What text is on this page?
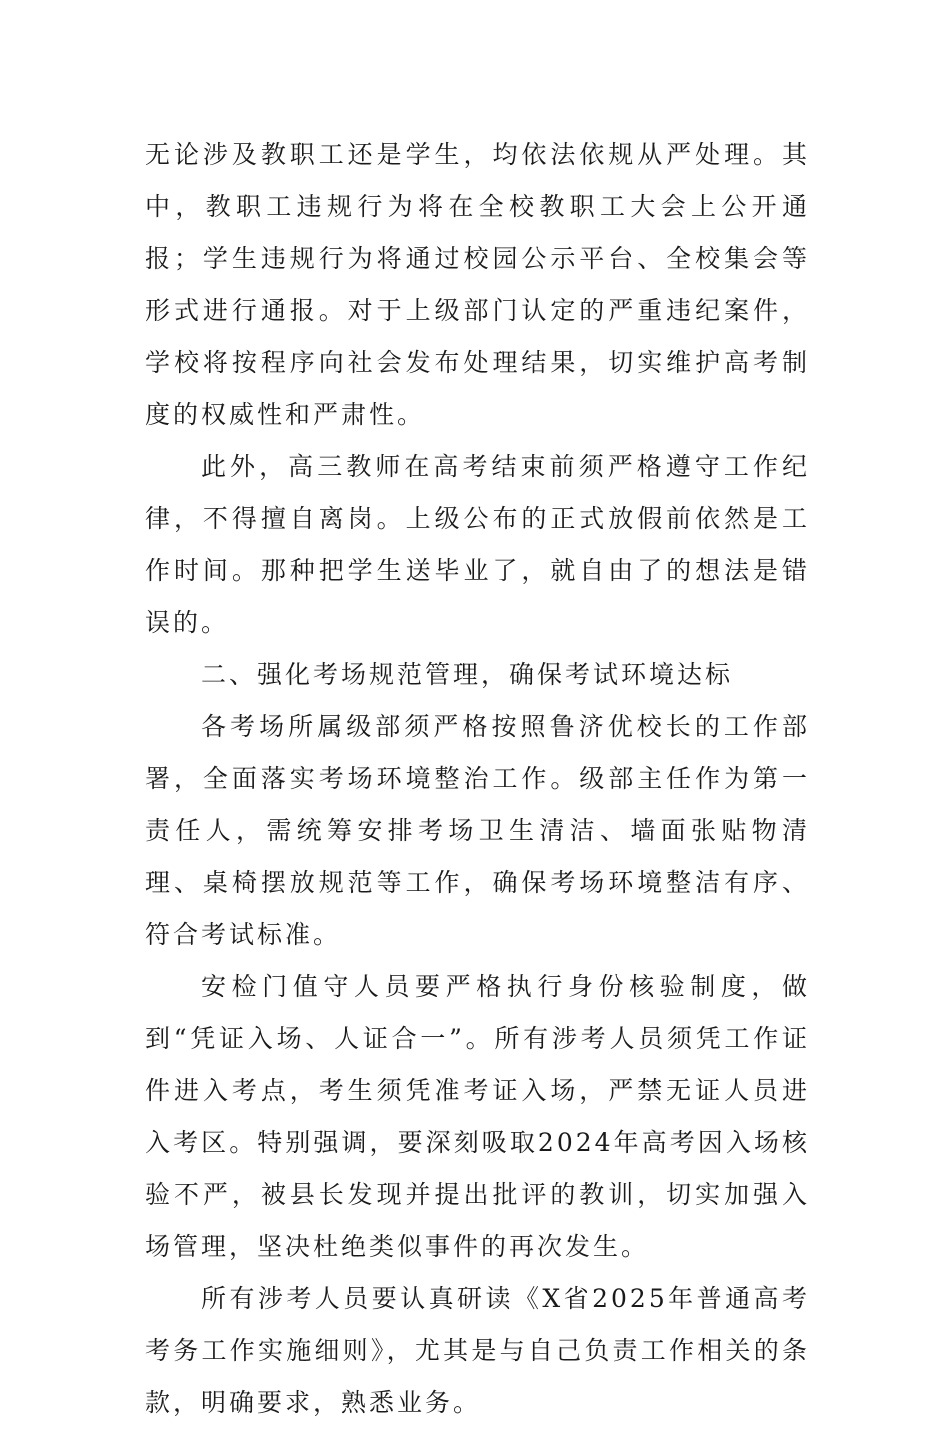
无论涉及教职工还是学生，均依法依规从严处理。其中，教职工违规行为将在全校教职工大会上公开通报；学生违规行为将通过校园公示平台、全校集会等形式进行通报。对于上级部门认定的严重违纪案件，学校将按程序向社会发布处理结果，切实维护高考制度的权威性和严肃性。

此外，高三教师在高考结束前须严格遵守工作纪律，不得擅自离岗。上级公布的正式放假前依然是工作时间。那种把学生送毕业了，就自由了的想法是错误的。

二、强化考场规范管理，确保考试环境达标

各考场所属级部须严格按照鲁济优校长的工作部署，全面落实考场环境整治工作。级部主任作为第一责任人，需统筹安排考场卫生清洁、墙面张贴物清理、桌椅摆放规范等工作，确保考场环境整洁有序、符合考试标准。

安检门值守人员要严格执行身份核验制度，做到“凭证入场、人证合一”。所有涉考人员须凭工作证件进入考点，考生须凭准考证入场，严禁无证人员进入考区。特别强调，要深刻吸取2024年高考因入场核验不严，被县长发现并提出批评的教训，切实加强入场管理，坚决杜绝类似事件的再次发生。

所有涉考人员要认真研读《X省2025年普通高考考务工作实施细则》，尤其是与自己负责工作相关的条款，明确要求，熟悉业务。
